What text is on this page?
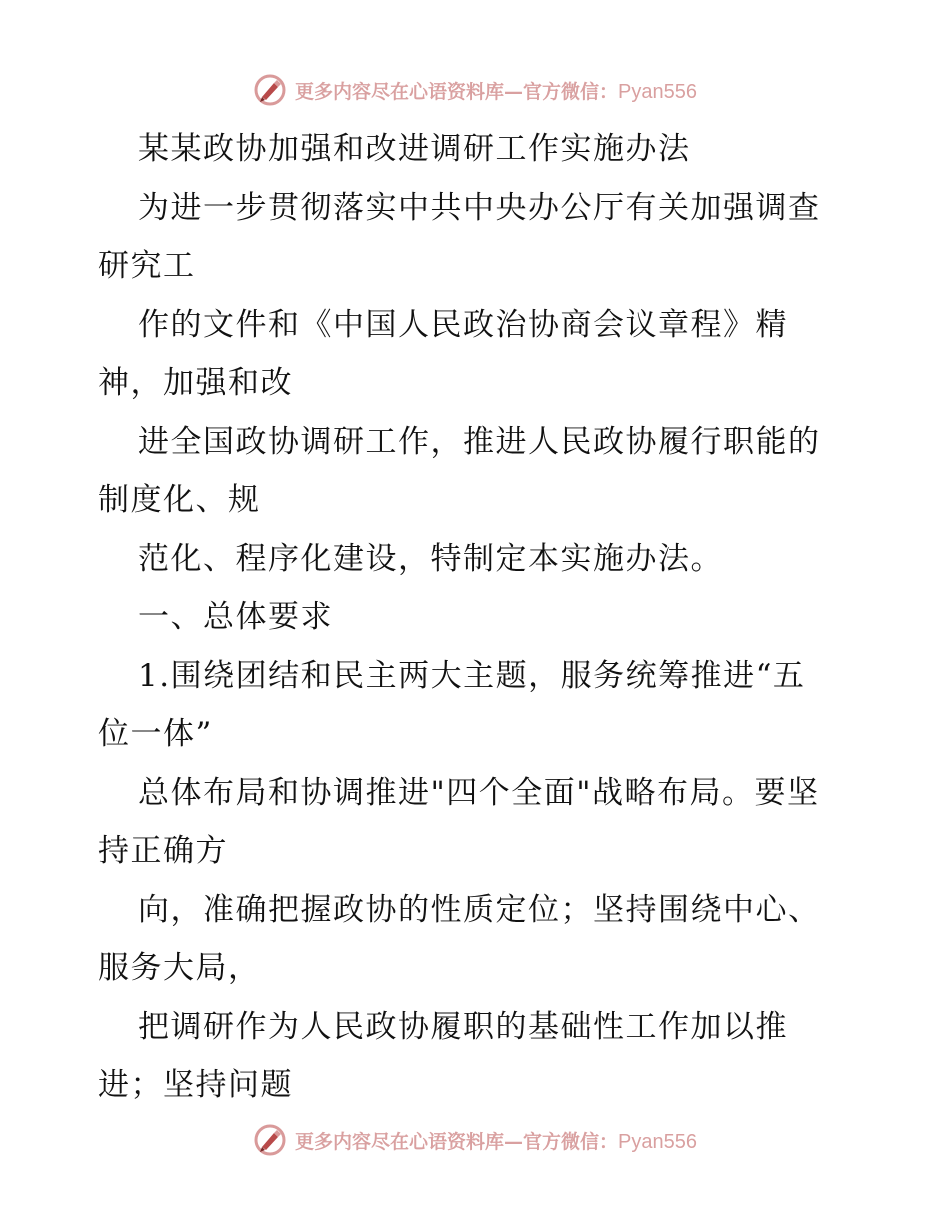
更多内容尽在心语资料库—官方微信：Pyan556
某某政协加强和改进调研工作实施办法
为进一步贯彻落实中共中央办公厅有关加强调查
研究工
作的文件和《中国人民政治协商会议章程》精
神，加强和改
进全国政协调研工作，推进人民政协履行职能的
制度化、规
范化、程序化建设，特制定本实施办法。
一、总体要求
1.围绕团结和民主两大主题，服务统筹推进“五
位一体”
总体布局和协调推进"四个全面"战略布局。要坚
持正确方
向，准确把握政协的性质定位；坚持围绕中心、
服务大局，
把调研作为人民政协履职的基础性工作加以推
进；坚持问题
更多内容尽在心语资料库—官方微信：Pyan556
